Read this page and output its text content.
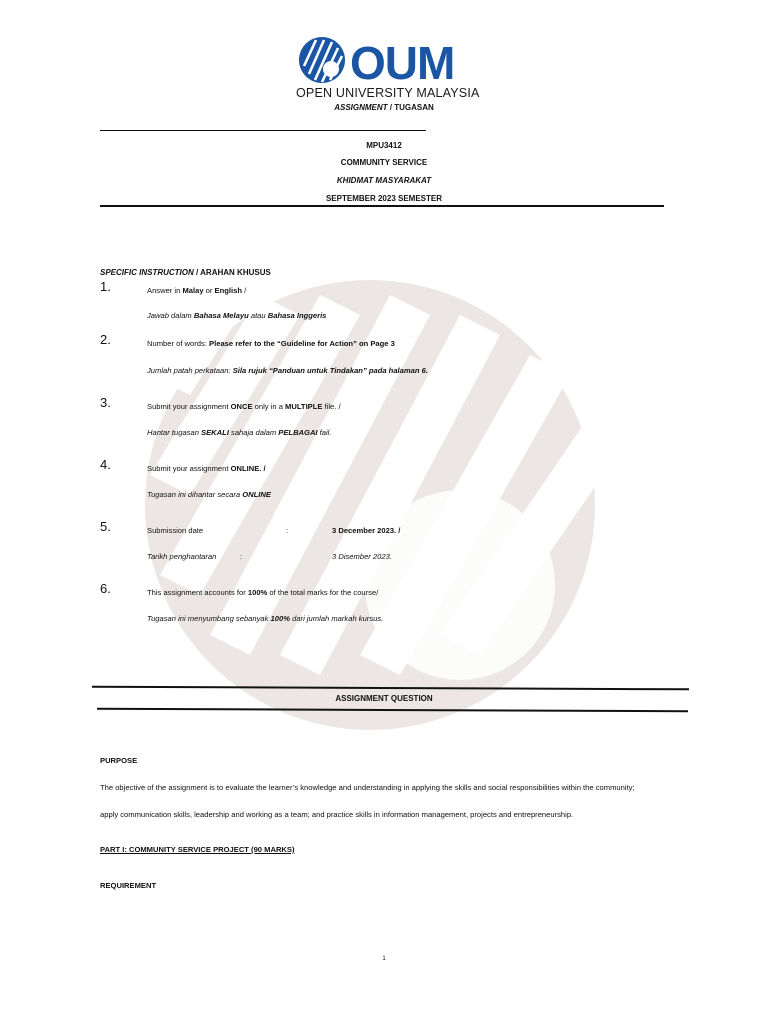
OUM
OPEN UNIVERSITY MALAYSIA
ASSIGNMENT / TUGASAN
MPU3412
COMMUNITY SERVICE
KHIDMAT MASYARAKAT
SEPTEMBER 2023 SEMESTER
SPECIFIC INSTRUCTION / ARAHAN KHUSUS
1.	Answer in Malay or English /
Jawab dalam Bahasa Melayu atau Bahasa Inggeris
2.	Number of words: Please refer to the “Guideline for Action” on Page 3
Jumlah patah perkataan: Sila rujuk “Panduan untuk Tindakan” pada halaman 6.
3.	Submit your assignment ONCE only in a MULTIPLE file. /
Hantar tugasan SEKALI sahaja dalam PELBAGAI fail.
4.	Submit your assignment ONLINE. /
Tugasan ini dihantar secara ONLINE
5.	Submission date	:	3 December 2023. /
Tarikh penghantaran	:	3 Disember 2023.
6.	This assignment accounts for 100% of the total marks for the course/
Tugasan ini menyumbang sebanyak 100% dari jumlah markah kursus.
ASSIGNMENT QUESTION
PURPOSE
The objective of the assignment is to evaluate the learner’s knowledge and understanding in applying the skills and social responsibilities within the community;
apply communication skills, leadership and working as a team; and practice skills in information management, projects and entrepreneurship.
PART I: COMMUNITY SERVICE PROJECT (90 MARKS)
REQUIREMENT
1
